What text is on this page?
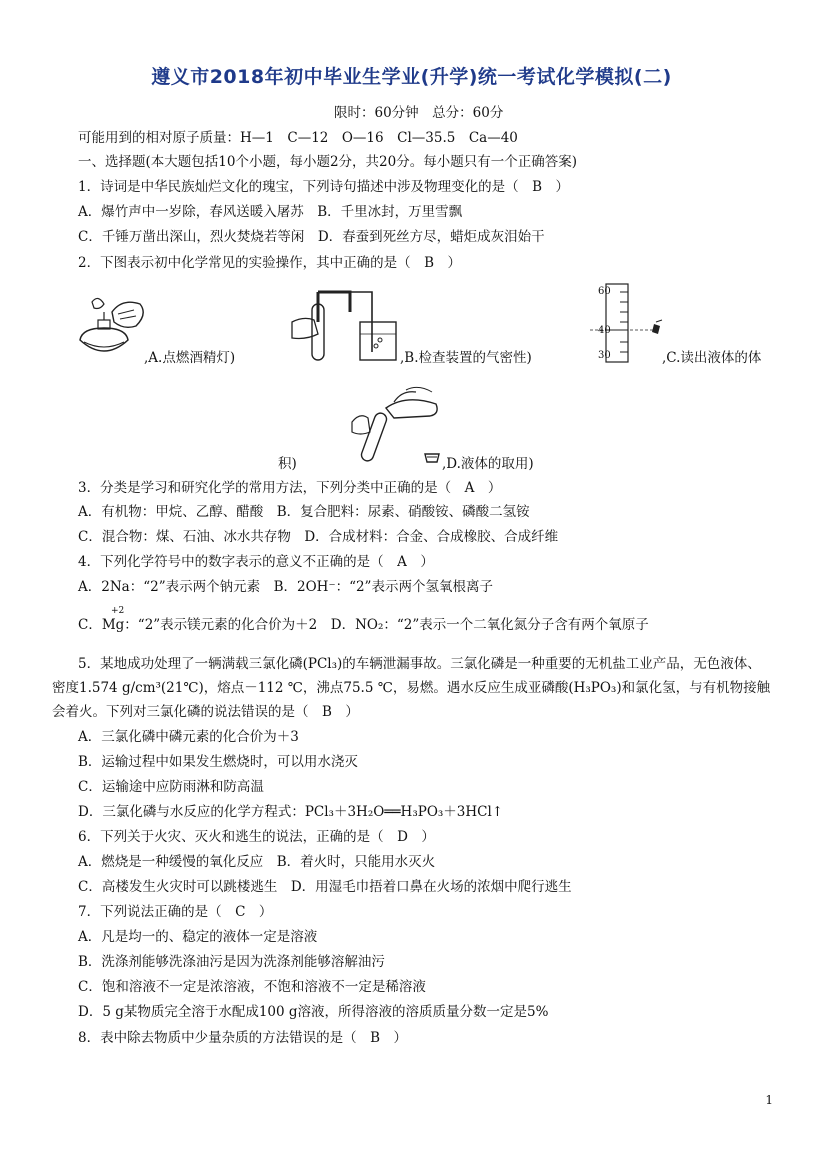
遵义市2018年初中毕业生学业(升学)统一考试化学模拟(二)
限时：60分钟　总分：60分
可能用到的相对原子质量：H—1　C—12　O—16　Cl—35.5　Ca—40
一、选择题(本大题包括10个小题，每小题2分，共20分。每小题只有一个正确答案)
1．诗词是中华民族灿烂文化的瑰宝，下列诗句描述中涉及物理变化的是（　B　）
A．爆竹声中一岁除，春风送暖入屠苏　B．千里冰封，万里雪飘
C．千锤万凿出深山，烈火焚烧若等闲　D．春蚕到死丝方尽，蜡炬成灰泪始干
2．下图表示初中化学常见的实验操作，其中正确的是（　B　）
,A.点燃酒精灯)	,B.检查装置的气密性)
60
40
30	,C.读出液体的体
积)	,D.液体的取用)
3．分类是学习和研究化学的常用方法，下列分类中正确的是（　A　）
A．有机物：甲烷、乙醇、醋酸　B．复合肥料：尿素、硝酸铵、磷酸二氢铵
C．混合物：煤、石油、冰水共存物　D．合成材料：合金、合成橡胶、合成纤维
4．下列化学符号中的数字表示的意义不正确的是（　A　）
A．2Na：“2”表示两个钠元素　B．2OH⁻：“2”表示两个氢氧根离子
+2
C．Mg：“2”表示镁元素的化合价为＋2　D．NO₂：“2”表示一个二氧化氮分子含有两个氧原子
5．某地成功处理了一辆满载三氯化磷(PCl₃)的车辆泄漏事故。三氯化磷是一种重要的无机盐工业产品，无色液体、密度1.574 g/cm³(21℃)，熔点－112 ℃，沸点75.5 ℃，易燃。遇水反应生成亚磷酸(H₃PO₃)和氯化氢，与有机物接触会着火。下列对三氯化磷的说法错误的是（　B　）
A．三氯化磷中磷元素的化合价为＋3
B．运输过程中如果发生燃烧时，可以用水浇灭
C．运输途中应防雨淋和防高温
D．三氯化磷与水反应的化学方程式：PCl₃＋3H₂O══H₃PO₃＋3HCl↑
6．下列关于火灾、灭火和逃生的说法，正确的是（　D　）
A．燃烧是一种缓慢的氧化反应　B．着火时，只能用水灭火
C．高楼发生火灾时可以跳楼逃生　D．用湿毛巾捂着口鼻在火场的浓烟中爬行逃生
7．下列说法正确的是（　C　）
A．凡是均一的、稳定的液体一定是溶液
B．洗涤剂能够洗涤油污是因为洗涤剂能够溶解油污
C．饱和溶液不一定是浓溶液，不饱和溶液不一定是稀溶液
D．5 g某物质完全溶于水配成100 g溶液，所得溶液的溶质质量分数一定是5%
8．表中除去物质中少量杂质的方法错误的是（　B　）
1
